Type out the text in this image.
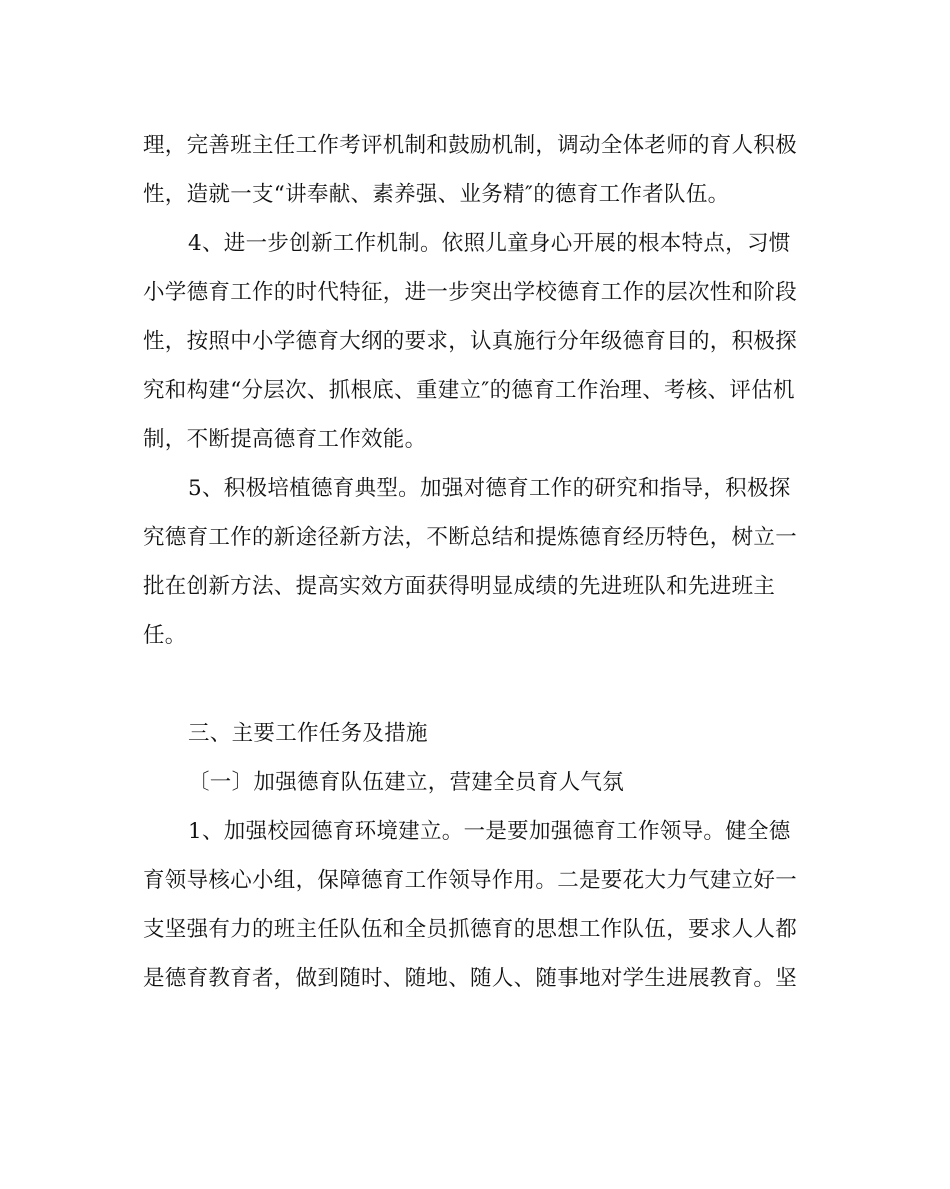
理，完善班主任工作考评机制和鼓励机制，调动全体老师的育人积极
性，造就一支“讲奉献、素养强、业务精″的德育工作者队伍。
4、进一步创新工作机制。依照儿童身心开展的根本特点，习惯
小学德育工作的时代特征，进一步突出学校德育工作的层次性和阶段
性，按照中小学德育大纲的要求，认真施行分年级德育目的，积极探
究和构建“分层次、抓根底、重建立″的德育工作治理、考核、评估机
制，不断提高德育工作效能。
5、积极培植德育典型。加强对德育工作的研究和指导，积极探
究德育工作的新途径新方法，不断总结和提炼德育经历特色，树立一
批在创新方法、提高实效方面获得明显成绩的先进班队和先进班主
任。
三、主要工作任务及措施
〔一〕加强德育队伍建立，营建全员育人气氛
1、加强校园德育环境建立。一是要加强德育工作领导。健全德
育领导核心小组，保障德育工作领导作用。二是要花大力气建立好一
支坚强有力的班主任队伍和全员抓德育的思想工作队伍，要求人人都
是德育教育者，做到随时、随地、随人、随事地对学生进展教育。坚
